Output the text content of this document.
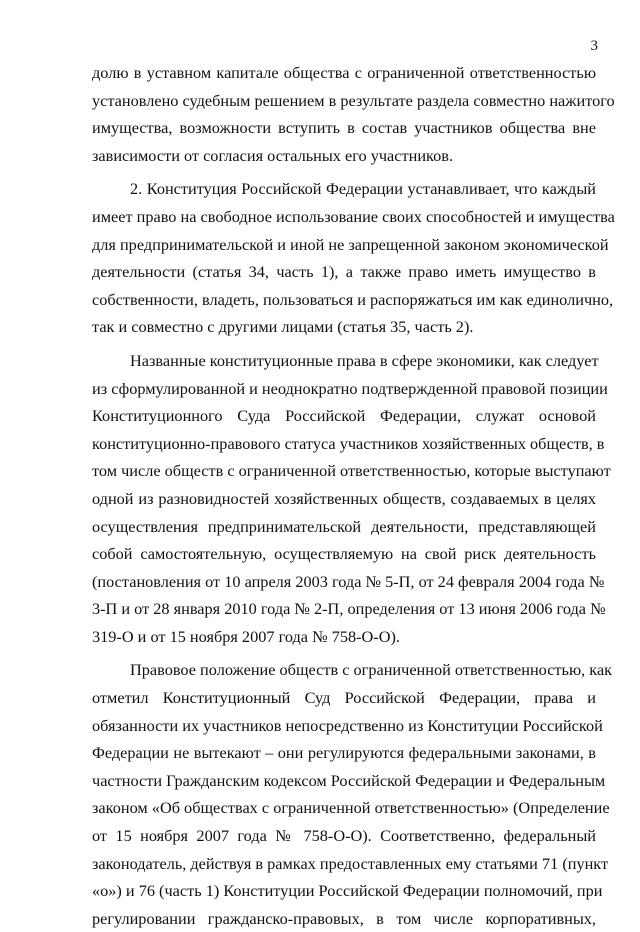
3
долю в уставном капитале общества с ограниченной ответственностью
установлено судебным решением в результате раздела совместно нажитого
имущества, возможности вступить в состав участников общества вне
зависимости от согласия остальных его участников.
2. Конституция Российской Федерации устанавливает, что каждый
имеет право на свободное использование своих способностей и имущества
для предпринимательской и иной не запрещенной законом экономической
деятельности (статья 34, часть 1), а также право иметь имущество в
собственности, владеть, пользоваться и распоряжаться им как единолично,
так и совместно с другими лицами (статья 35, часть 2).
Названные конституционные права в сфере экономики, как следует
из сформулированной и неоднократно подтвержденной правовой позиции
Конституционного Суда Российской Федерации, служат основой
конституционно-правового статуса участников хозяйственных обществ, в
том числе обществ с ограниченной ответственностью, которые выступают
одной из разновидностей хозяйственных обществ, создаваемых в целях
осуществления предпринимательской деятельности, представляющей
собой самостоятельную, осуществляемую на свой риск деятельность
(постановления от 10 апреля 2003 года № 5-П, от 24 февраля 2004 года №
3-П и от 28 января 2010 года № 2-П, определения от 13 июня 2006 года №
319-О и от 15 ноября 2007 года № 758-О-О).
Правовое положение обществ с ограниченной ответственностью, как
отметил Конституционный Суд Российской Федерации, права и
обязанности их участников непосредственно из Конституции Российской
Федерации не вытекают – они регулируются федеральными законами, в
частности Гражданским кодексом Российской Федерации и Федеральным
законом «Об обществах с ограниченной ответственностью» (Определение
от 15 ноября 2007 года № 758-О-О). Соответственно, федеральный
законодатель, действуя в рамках предоставленных ему статьями 71 (пункт
«о») и 76 (часть 1) Конституции Российской Федерации полномочий, при
регулировании гражданско-правовых, в том числе корпоративных,
